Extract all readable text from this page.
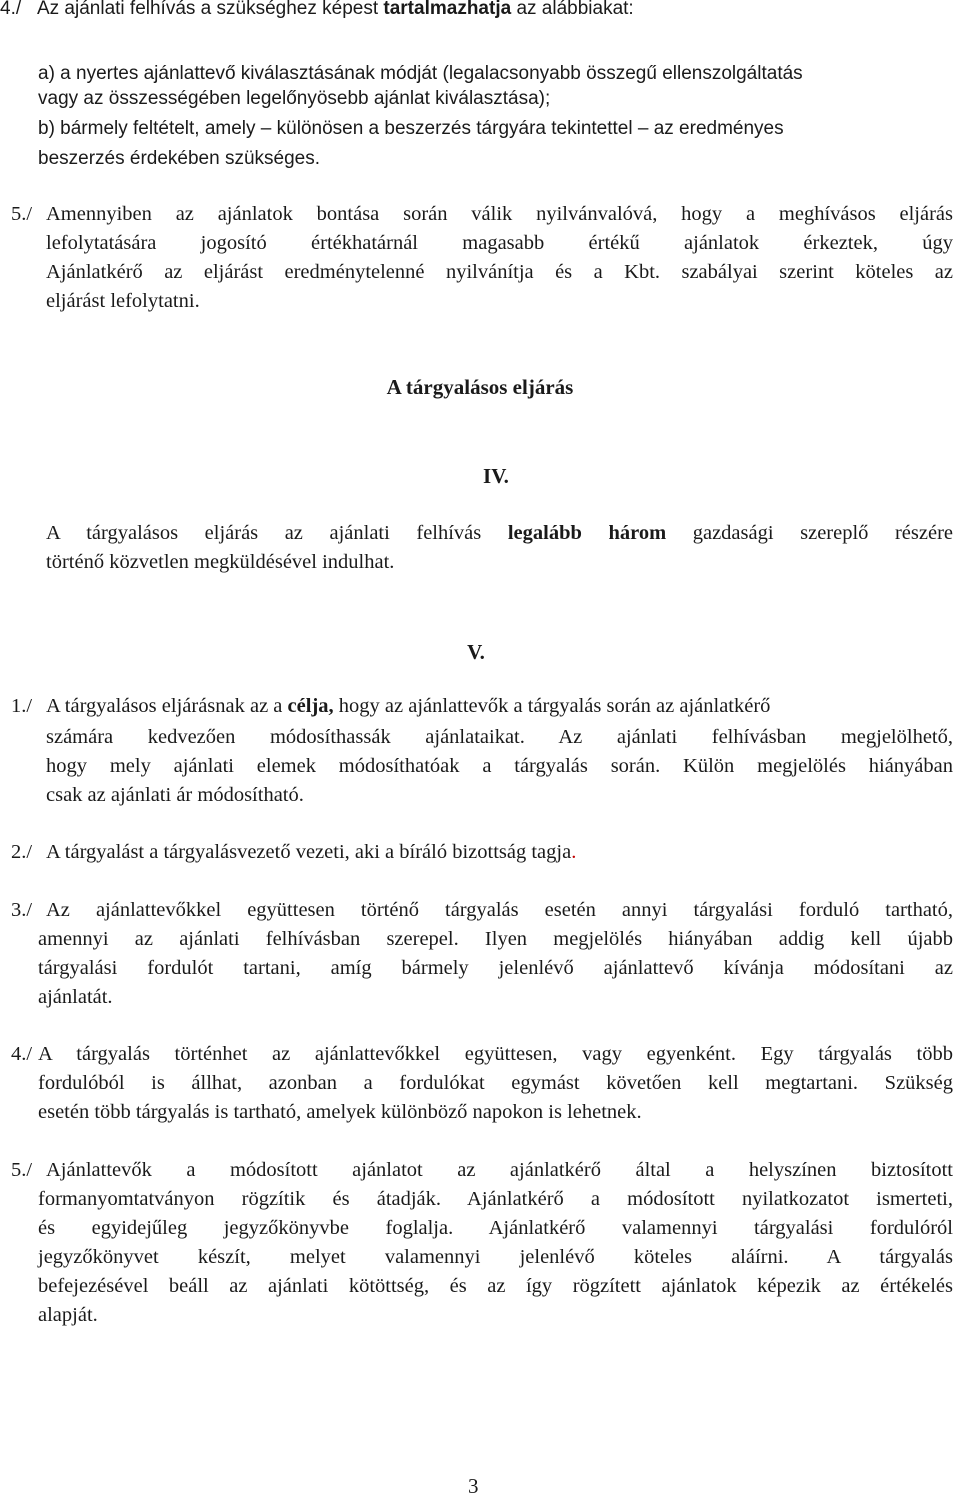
4./ Az ajánlati felhívás a szükséghez képest tartalmazhatja az alábbiakat:
a) a nyertes ajánlattevő kiválasztásának módját (legalacsonyabb összegű ellenszolgáltatás
vagy az összességében legelőnyösebb ajánlat kiválasztása);
b) bármely feltételt, amely – különösen a beszerzés tárgyára tekintettel – az eredményes
beszerzés érdekében szükséges.
5./ Amennyiben az ajánlatok bontása során válik nyilvánvalóvá, hogy a meghívásos eljárás
lefolytatására jogosító értékhatárnál magasabb értékű ajánlatok érkeztek, úgy
Ajánlatkérő az eljárást eredménytelenné nyilvánítja és a Kbt. szabályai szerint köteles az
eljárást lefolytatni.
A tárgyalásos eljárás
IV.
A tárgyalásos eljárás az ajánlati felhívás legalább három gazdasági szereplő részére
történő közvetlen megküldésével indulhat.
V.
1./ A tárgyalásos eljárásnak az a célja, hogy az ajánlattevők a tárgyalás során az ajánlatkérő
számára kedvezően módosíthassák ajánlataikat. Az ajánlati felhívásban megjelölhető,
hogy mely ajánlati elemek módosíthatóak a tárgyalás során. Külön megjelölés hiányában
csak az ajánlati ár módosítható.
2./ A tárgyalást a tárgyalásvezető vezeti, aki a bíráló bizottság tagja.
3./ Az ajánlattevőkkel együttesen történő tárgyalás esetén annyi tárgyalási forduló tartható,
amennyi az ajánlati felhívásban szerepel. Ilyen megjelölés hiányában addig kell újabb
tárgyalási fordulót tartani, amíg bármely jelenlévő ajánlattevő kívánja módosítani az
ajánlatát.
4./ A tárgyalás történhet az ajánlattevőkkel együttesen, vagy egyenként. Egy tárgyalás több
fordulóból is állhat, azonban a fordulókat egymást követően kell megtartani. Szükség
esetén több tárgyalás is tartható, amelyek különböző napokon is lehetnek.
5./ Ajánlattevők a módosított ajánlatot az ajánlatkérő által a helyszínen biztosított
formanyomtatványon rögzítik és átadják. Ajánlatkérő a módosított nyilatkozatot ismerteti,
és egyidejűleg jegyzőkönyvbe foglalja. Ajánlatkérő valamennyi tárgyalási fordulóról
jegyzőkönyvet készít, melyet valamennyi jelenlévő köteles aláírni. A tárgyalás
befejezésével beáll az ajánlati kötöttség, és az így rögzített ajánlatok képezik az értékelés
alapját.
3
